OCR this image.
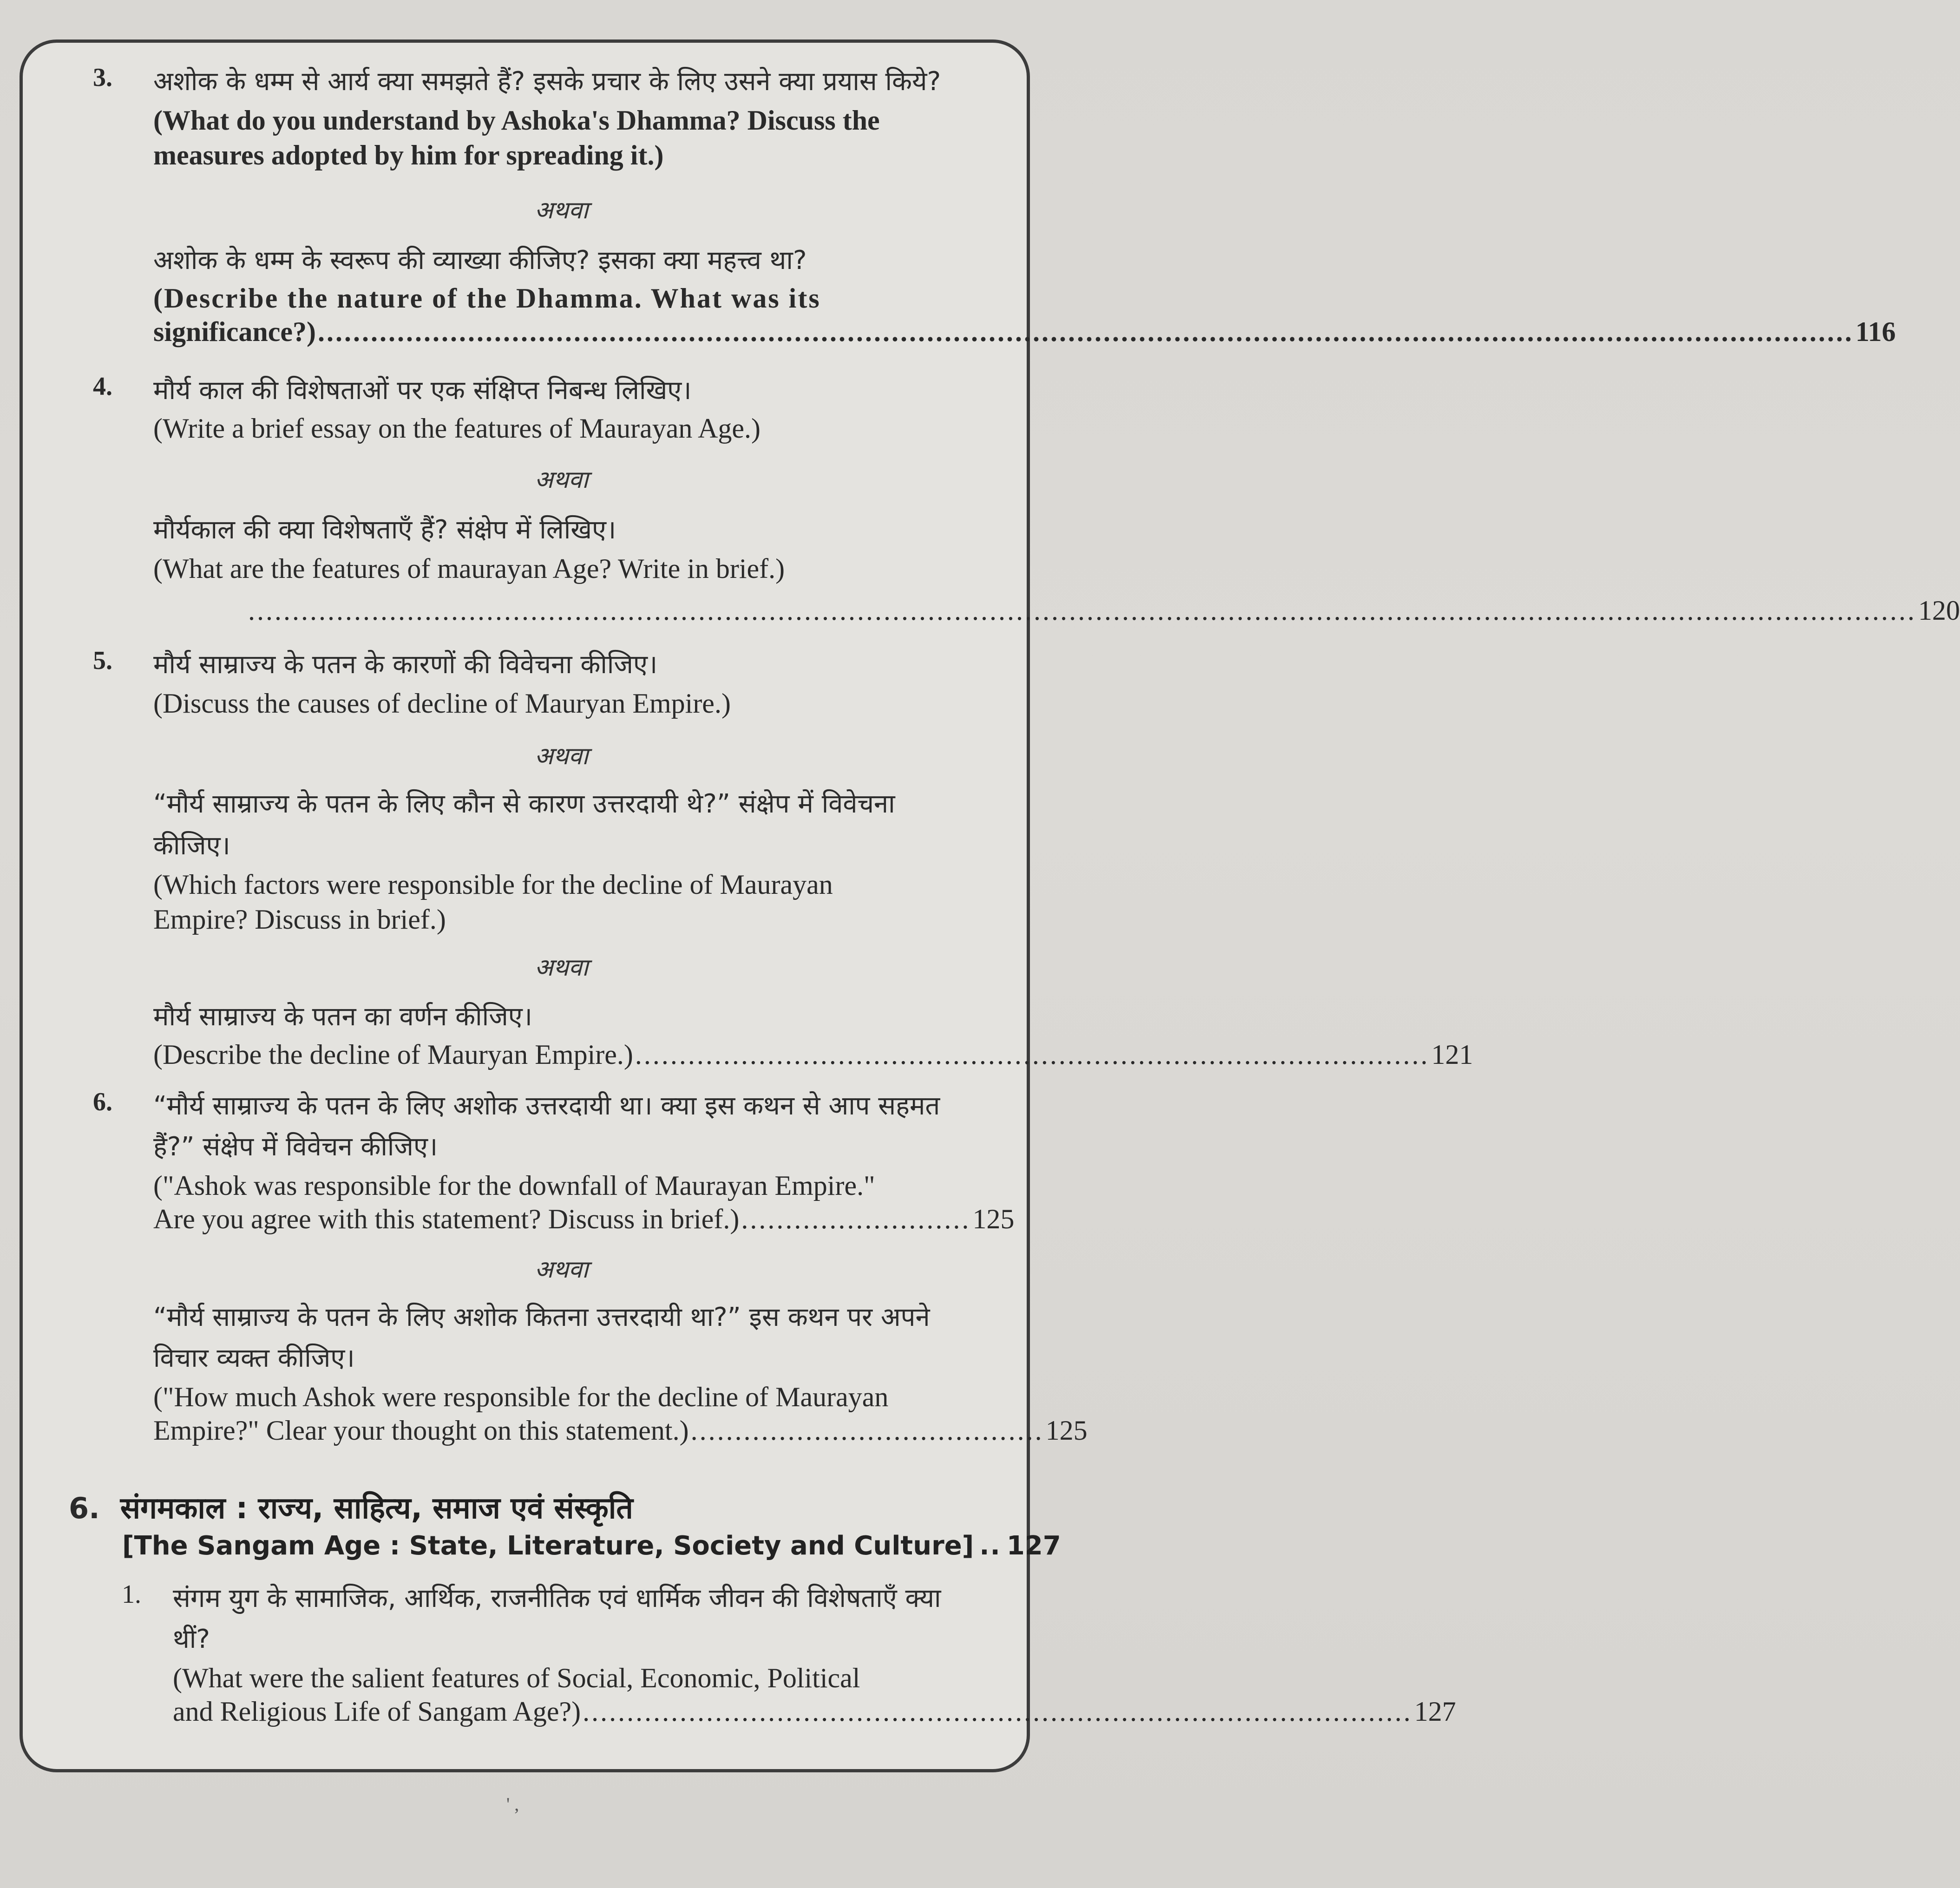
3. अशोक के धम्म से आर्य क्या समझते हैं? इसके प्रचार के लिए उसने क्या प्रयास किये?
(What do you understand by Ashoka's Dhamma? Discuss the
measures adopted by him for spreading it.)
अथवा
अशोक के धम्म के स्वरूप की व्याख्या कीजिए? इसका क्या महत्त्व था?
(Describe the nature of the Dhamma. What was its
significance?) .............................................................................................................................................................................. 116
4. मौर्य काल की विशेषताओं पर एक संक्षिप्त निबन्ध लिखिए।
(Write a brief essay on the features of Maurayan Age.)
अथवा
मौर्यकाल की क्या विशेषताएँ हैं? संक्षेप में लिखिए।
(What are the features of maurayan Age? Write in brief.)
............................................................................................................................................................................................. 120
5. मौर्य साम्राज्य के पतन के कारणों की विवेचना कीजिए।
(Discuss the causes of decline of Mauryan Empire.)
अथवा
“मौर्य साम्राज्य के पतन के लिए कौन से कारण उत्तरदायी थे?” संक्षेप में विवेचना
कीजिए।
(Which factors were responsible for the decline of Maurayan
Empire? Discuss in brief.)
अथवा
मौर्य साम्राज्य के पतन का वर्णन कीजिए।
(Describe the decline of Mauryan Empire.) .......................................................................................... 121
6. “मौर्य साम्राज्य के पतन के लिए अशोक उत्तरदायी था। क्या इस कथन से आप सहमत
हैं?” संक्षेप में विवेचन कीजिए।
("Ashok was responsible for the downfall of Maurayan Empire."
Are you agree with this statement? Discuss in brief.) .......................... 125
अथवा
“मौर्य साम्राज्य के पतन के लिए अशोक कितना उत्तरदायी था?” इस कथन पर अपने
विचार व्यक्त कीजिए।
("How much Ashok were responsible for the decline of Maurayan
Empire?" Clear your thought on this statement.) ........................................ 125
6. संगमकाल : राज्य, साहित्य, समाज एवं संस्कृति
[The Sangam Age : State, Literature, Society and Culture] .. 127
1. संगम युग के सामाजिक, आर्थिक, राजनीतिक एवं धार्मिक जीवन की विशेषताएँ क्या
थीं?
(What were the salient features of Social, Economic, Political
and Religious Life of Sangam Age?) .............................................................................................. 127
' ,
